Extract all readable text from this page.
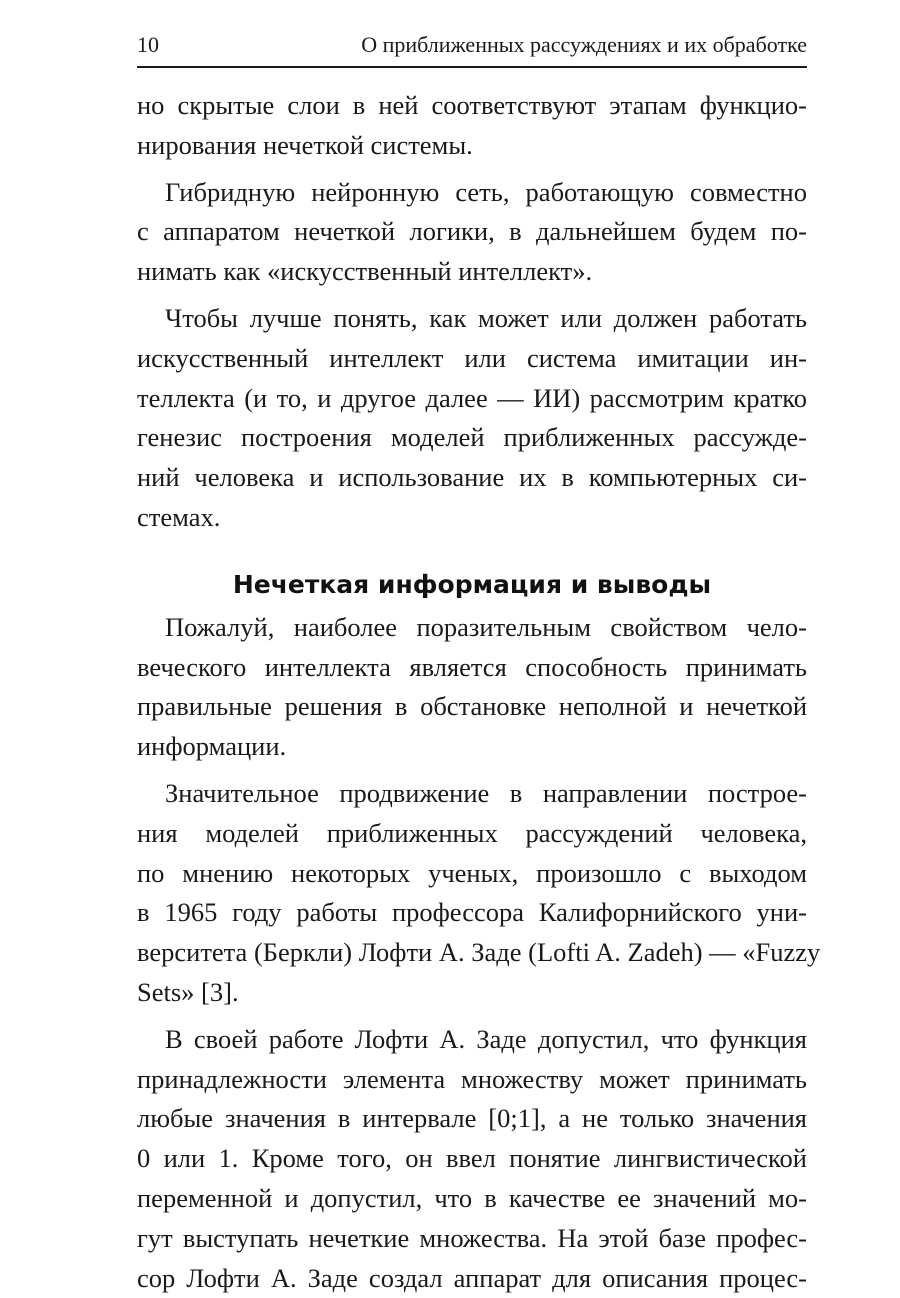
10	О приближенных рассуждениях и их обработке

но скрытые слои в ней соответствуют этапам функцио-
нирования нечеткой системы.

Гибридную нейронную сеть, работающую совместно
с аппаратом нечеткой логики, в дальнейшем будем по-
нимать как «искусственный интеллект».

Чтобы лучше понять, как может или должен работать
искусственный интеллект или система имитации ин-
теллекта (и то, и другое далее — ИИ) рассмотрим кратко
генезис построения моделей приближенных рассужде-
ний человека и использование их в компьютерных си-
стемах.

Нечеткая информация и выводы

Пожалуй, наиболее поразительным свойством чело-
веческого интеллекта является способность принимать
правильные решения в обстановке неполной и нечеткой
информации.

Значительное продвижение в направлении построе-
ния моделей приближенных рассуждений человека,
по мнению некоторых ученых, произошло с выходом
в 1965 году работы профессора Калифорнийского уни-
верситета (Беркли) Лофти А. Заде (Lofti A. Zadeh) — «Fuzzy
Sets» [3].

В своей работе Лофти А. Заде допустил, что функция
принадлежности элемента множеству может принимать
любые значения в интервале [0;1], а не только значения
0 или 1. Кроме того, он ввел понятие лингвистической
переменной и допустил, что в качестве ее значений мо-
гут выступать нечеткие множества. На этой базе профес-
сор Лофти А. Заде создал аппарат для описания процес-
